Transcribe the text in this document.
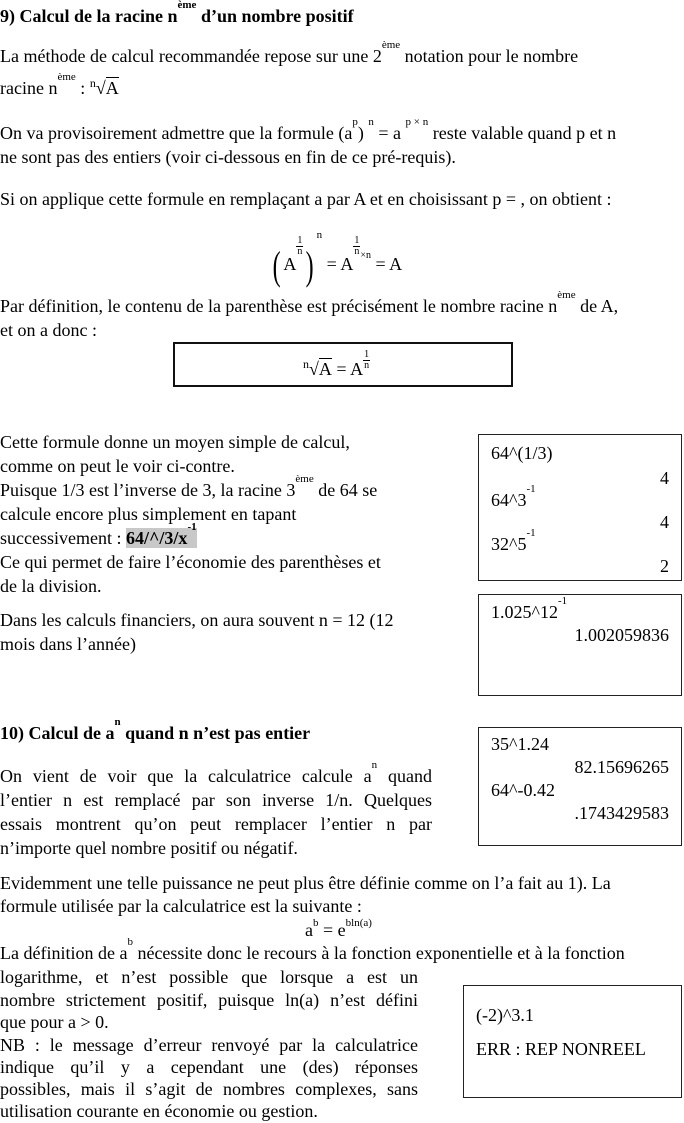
9) Calcul de la racine $n^{ème}$ d’un nombre positif
La méthode de calcul recommandée repose sur une 2ème notation pour le nombre
racine $n^{ème}$ : $^n$√A
On va provisoirement admettre que la formule $(a^p) ^n = a$ $^{p \times n}$ reste valable quand p et n
ne sont pas des entiers (voir ci-dessous en fin de ce pré-requis).
Si on applique cette formule en remplaçant a par A et en choisissant p = , on obtient :
( A
$\frac{1}{n} )^n = A$
$\frac{1}{n} ^{\times n} = A$
Par définition, le contenu de la parenthèse est précisément le nombre racine $n^{ème}$ de A,
et on a donc :
$^n$√A = A $\frac{1}{n}$
Cette formule donne un moyen simple de calcul,
comme on peut le voir ci-contre.
Puisque 1/3 est l’inverse de 3, la racine 3ème de 64 se
calcule encore plus simplement en tapant
successivement : $64/\^{}/3/x^{-1}$
Ce qui permet de faire l’économie des parenthèses et
de la division.
64^(1/3)
4
$64\^{}3^{-1}$
4
$32\^{}5^{-1}$
2
Dans les calculs financiers, on aura souvent n = 12 (12
mois dans l’année)
$1.025\^{}12^{-1}$
1.002059836
10) Calcul de $a^n$ quand n n’est pas entier
On vient de voir que la calculatrice calcule $a^n$ quand
l’entier n est remplacé par son inverse 1/n. Quelques
essais montrent qu’on peut remplacer l’entier n par
n’importe quel nombre positif ou négatif.
35^1.24
82.15696265
64^-0.42
.1743429583
Evidemment une telle puissance ne peut plus être définie comme on l’a fait au 1). La
formule utilisée par la calculatrice est la suivante :
$a^b = e^{bln(a)}$
La définition de $a^b$ nécessite donc le recours à la fonction exponentielle et à la fonction
logarithme, et n’est possible que lorsque a est un
nombre strictement positif, puisque ln(a) n’est défini
que pour a > 0.
NB : le message d’erreur renvoyé par la calculatrice
indique qu’il y a cependant une (des) réponses
possibles, mais il s’agit de nombres complexes, sans
utilisation courante en économie ou gestion.
(-2)^3.1
ERR : REP NONREEL
